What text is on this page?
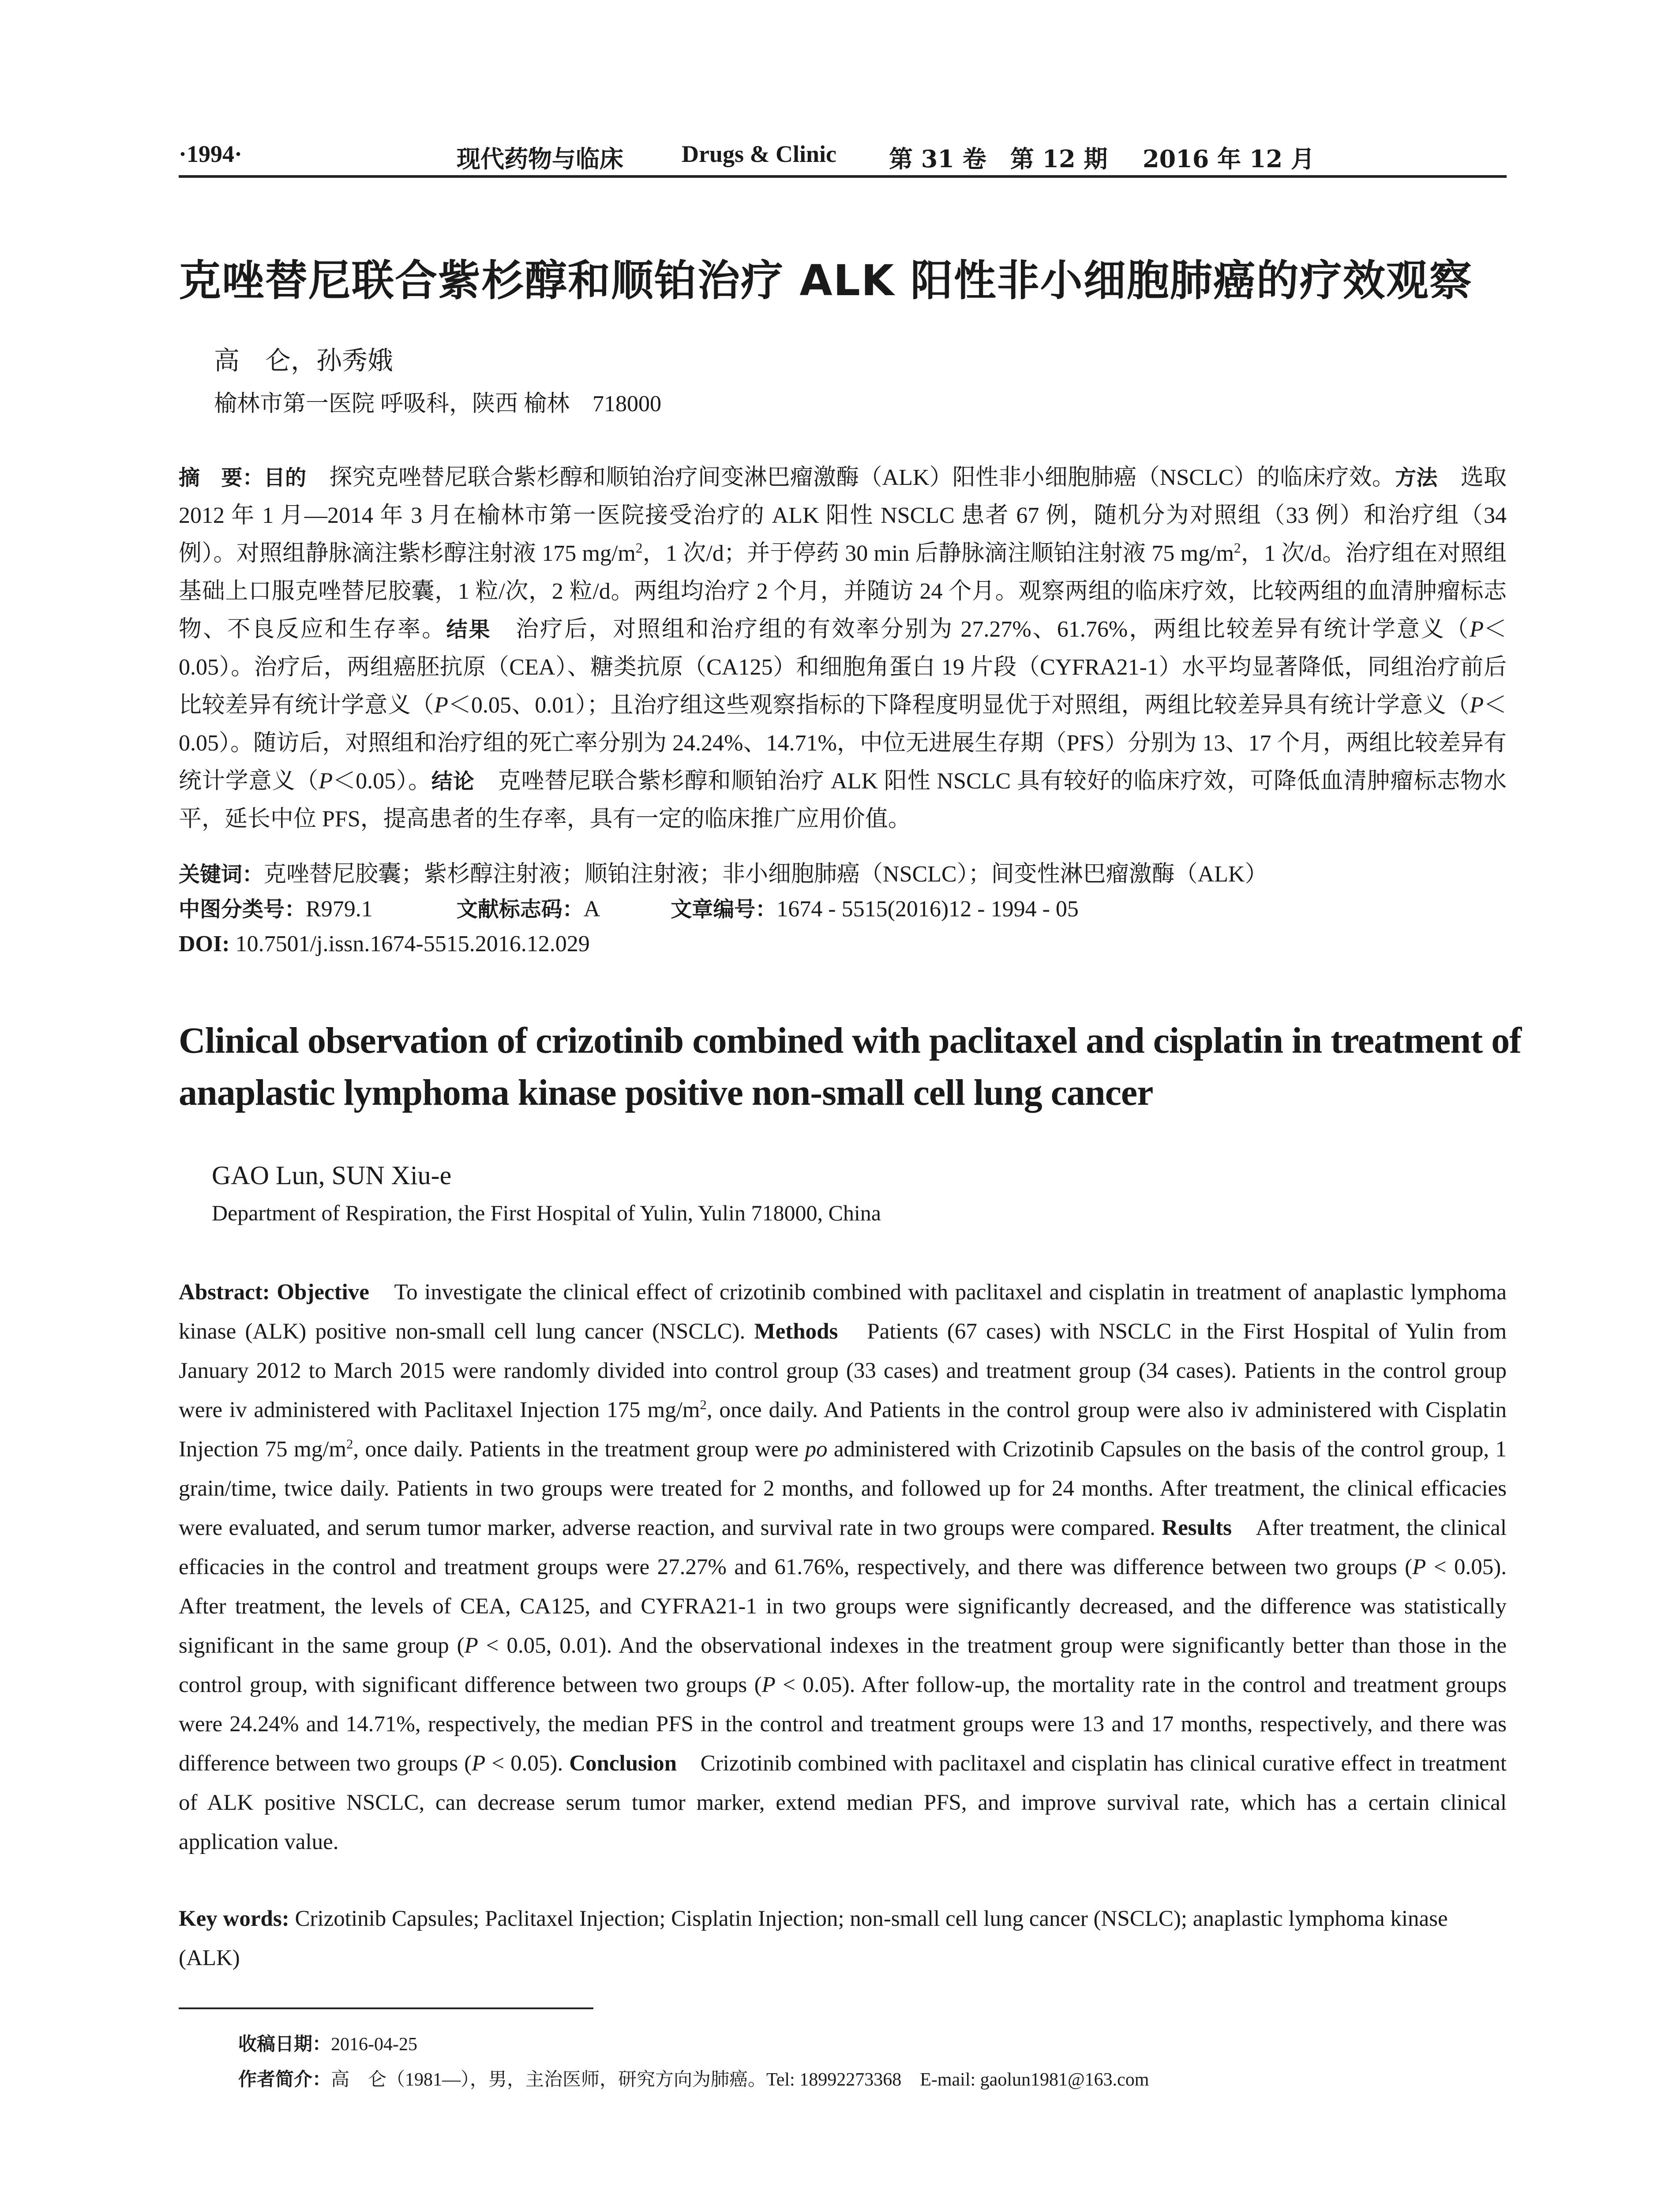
·1994·	现代药物与临床 Drugs & Clinic 第 31 卷　第 12 期 2016 年 12 月
克唑替尼联合紫杉醇和顺铂治疗 ALK 阳性非小细胞肺癌的疗效观察
高　仑，孙秀娥
榆林市第一医院 呼吸科，陕西 榆林　718000
摘　要：目的　探究克唑替尼联合紫杉醇和顺铂治疗间变淋巴瘤激酶（ALK）阳性非小细胞肺癌（NSCLC）的临床疗效。方法　选取 2012 年 1 月—2014 年 3 月在榆林市第一医院接受治疗的 ALK 阳性 NSCLC 患者 67 例，随机分为对照组（33 例）和治疗组（34 例）。对照组静脉滴注紫杉醇注射液 175 $mg/m^2$，1 次/d；并于停药 30 min 后静脉滴注顺铂注射液 75 $mg/m^2$，1 次/d。治疗组在对照组基础上口服克唑替尼胶囊，1 粒/次，2 粒/d。两组均治疗 2 个月，并随访 24 个月。观察两组的临床疗效，比较两组的血清肿瘤标志物、不良反应和生存率。结果　治疗后，对照组和治疗组的有效率分别为 27.27%、61.76%，两组比较差异有统计学意义（P＜0.05）。治疗后，两组癌胚抗原（CEA）、糖类抗原（CA125）和细胞角蛋白 19 片段（CYFRA21-1）水平均显著降低，同组治疗前后比较差异有统计学意义（P＜0.05、0.01）；且治疗组这些观察指标的下降程度明显优于对照组，两组比较差异具有统计学意义（P＜0.05）。随访后，对照组和治疗组的死亡率分别为 24.24%、14.71%，中位无进展生存期（PFS）分别为 13、17 个月，两组比较差异有统计学意义（P＜0.05）。结论　克唑替尼联合紫杉醇和顺铂治疗 ALK 阳性 NSCLC 具有较好的临床疗效，可降低血清肿瘤标志物水平，延长中位 PFS，提高患者的生存率，具有一定的临床推广应用价值。
关键词：克唑替尼胶囊；紫杉醇注射液；顺铂注射液；非小细胞肺癌（NSCLC）；间变性淋巴瘤激酶（ALK）
中图分类号：R979.1	文献标志码：A	文章编号：1674 - 5515(2016)12 - 1994 - 05
DOI: 10.7501/j.issn.1674-5515.2016.12.029
Clinical observation of crizotinib combined with paclitaxel and cisplatin in treatment of anaplastic lymphoma kinase positive non-small cell lung cancer
GAO Lun, SUN Xiu-e
Department of Respiration, the First Hospital of Yulin, Yulin 718000, China
Abstract: Objective　To investigate the clinical effect of crizotinib combined with paclitaxel and cisplatin in treatment of anaplastic lymphoma kinase (ALK) positive non-small cell lung cancer (NSCLC). Methods　Patients (67 cases) with NSCLC in the First Hospital of Yulin from January 2012 to March 2015 were randomly divided into control group (33 cases) and treatment group (34 cases). Patients in the control group were iv administered with Paclitaxel Injection 175 $mg/m^2$, once daily. And Patients in the control group were also iv administered with Cisplatin Injection 75 $mg/m^2$, once daily. Patients in the treatment group were po administered with Crizotinib Capsules on the basis of the control group, 1 grain/time, twice daily. Patients in two groups were treated for 2 months, and followed up for 24 months. After treatment, the clinical efficacies were evaluated, and serum tumor marker, adverse reaction, and survival rate in two groups were compared. Results　After treatment, the clinical efficacies in the control and treatment groups were 27.27% and 61.76%, respectively, and there was difference between two groups (P < 0.05). After treatment, the levels of CEA, CA125, and CYFRA21-1 in two groups were significantly decreased, and the difference was statistically significant in the same group (P < 0.05, 0.01). And the observational indexes in the treatment group were significantly better than those in the control group, with significant difference between two groups (P < 0.05). After follow-up, the mortality rate in the control and treatment groups were 24.24% and 14.71%, respectively, the median PFS in the control and treatment groups were 13 and 17 months, respectively, and there was difference between two groups (P < 0.05). Conclusion　Crizotinib combined with paclitaxel and cisplatin has clinical curative effect in treatment of ALK positive NSCLC, can decrease serum tumor marker, extend median PFS, and improve survival rate, which has a certain clinical application value.
Key words: Crizotinib Capsules; Paclitaxel Injection; Cisplatin Injection; non-small cell lung cancer (NSCLC); anaplastic lymphoma kinase (ALK)
收稿日期：2016-04-25
作者简介：高　仑（1981—），男，主治医师，研究方向为肺癌。Tel: 18992273368　E-mail: gaolun1981@163.com
